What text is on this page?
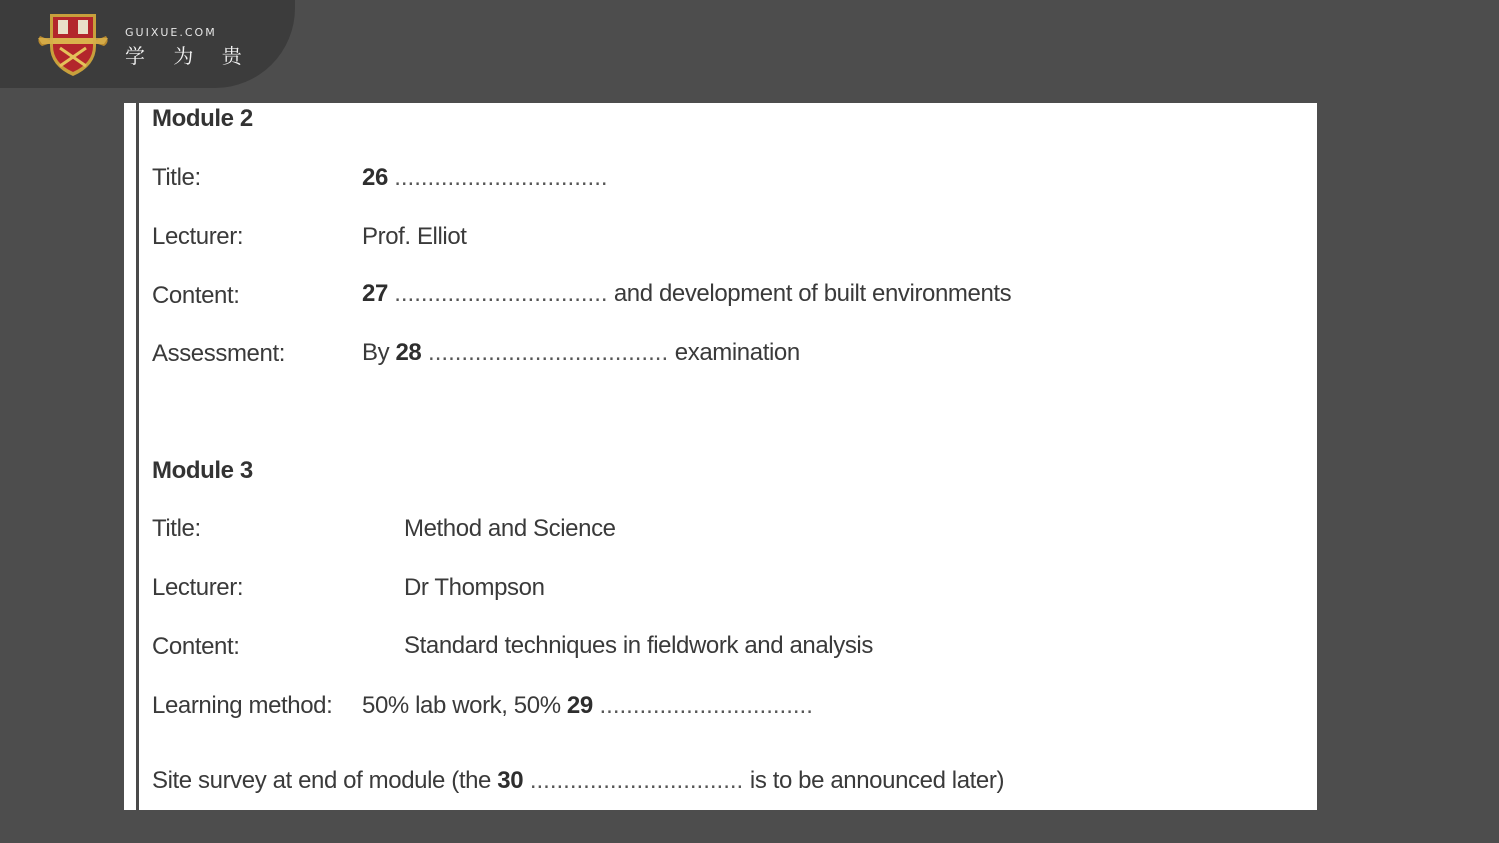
GUIXUE.COM
学 为 贵
Module 2
Title:	26 ................................
Lecturer:	Prof. Elliot
Content:	27 ................................ and development of built environments
Assessment:	By 28 .................................... examination
Module 3
Title:	Method and Science
Lecturer:	Dr Thompson
Content:	Standard techniques in fieldwork and analysis
Learning method: 50% lab work, 50% 29 ................................
Site survey at end of module (the 30 ................................ is to be announced later)
